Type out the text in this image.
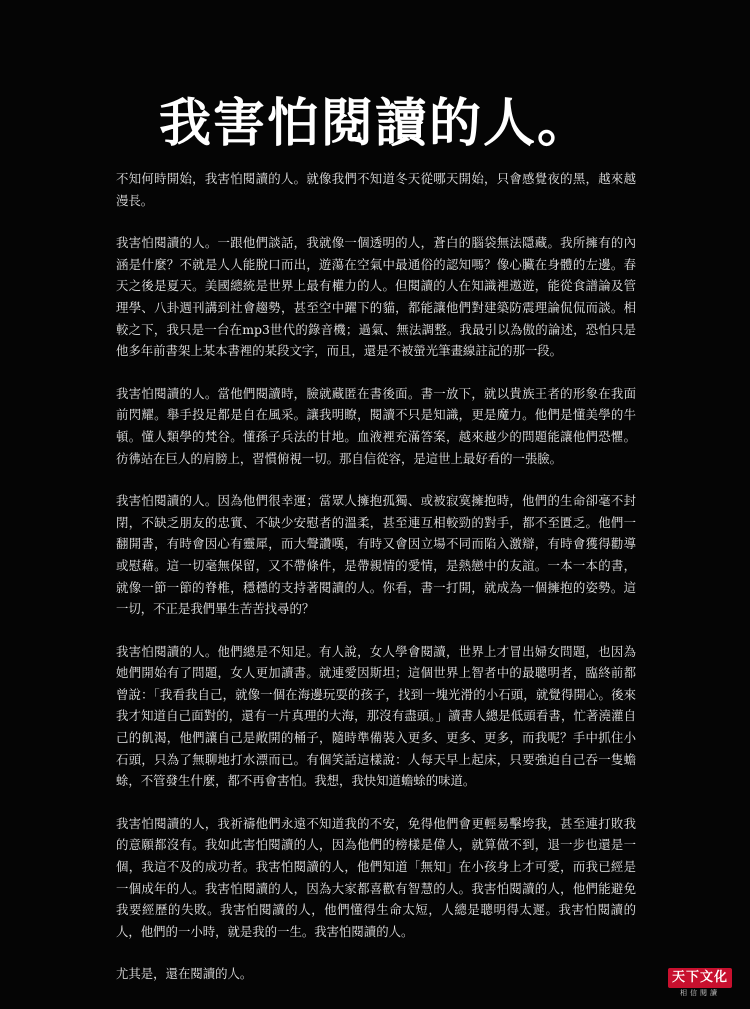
我害怕閱讀的人。

不知何時開始，我害怕閱讀的人。就像我們不知道冬天從哪天開始，只會感覺夜的黑，越來越漫長。

我害怕閱讀的人。一跟他們談話，我就像一個透明的人，蒼白的腦袋無法隱藏。我所擁有的內涵是什麼？不就是人人能脫口而出，遊蕩在空氣中最通俗的認知嗎？像心臟在身體的左邊。春天之後是夏天。美國總統是世界上最有權力的人。但閱讀的人在知識裡遨遊，能從食譜論及管理學、八卦週刊講到社會趨勢，甚至空中躍下的貓，都能讓他們對建築防震理論侃侃而談。相較之下，我只是一台在mp3世代的錄音機；過氣、無法調整。我最引以為傲的論述，恐怕只是他多年前書架上某本書裡的某段文字，而且，還是不被螢光筆畫線註記的那一段。

我害怕閱讀的人。當他們閱讀時，臉就藏匿在書後面。書一放下，就以貴族王者的形象在我面前閃耀。舉手投足都是自在風采。讓我明瞭，閱讀不只是知識，更是魔力。他們是懂美學的牛頓。懂人類學的梵谷。懂孫子兵法的甘地。血液裡充滿答案，越來越少的問題能讓他們恐懼。彷彿站在巨人的肩膀上，習慣俯視一切。那自信從容，是這世上最好看的一張臉。

我害怕閱讀的人。因為他們很幸運；當眾人擁抱孤獨、或被寂寞擁抱時，他們的生命卻毫不封閉，不缺乏朋友的忠實、不缺少安慰者的溫柔，甚至連互相較勁的對手，都不至匱乏。他們一翻開書，有時會因心有靈犀，而大聲讚嘆，有時又會因立場不同而陷入激辯，有時會獲得勸導或慰藉。這一切毫無保留，又不帶條件，是帶親情的愛情，是熱戀中的友誼。一本一本的書，就像一節一節的脊椎，穩穩的支持著閱讀的人。你看，書一打開，就成為一個擁抱的姿勢。這一切，不正是我們畢生苦苦找尋的？

我害怕閱讀的人。他們總是不知足。有人說，女人學會閱讀，世界上才冒出婦女問題，也因為她們開始有了問題，女人更加讀書。就連愛因斯坦；這個世界上智者中的最聰明者，臨終前都曾說：「我看我自己，就像一個在海邊玩耍的孩子，找到一塊光滑的小石頭，就覺得開心。後來我才知道自己面對的，還有一片真理的大海，那沒有盡頭。」讀書人總是低頭看書，忙著澆灌自己的飢渴，他們讓自己是敞開的桶子，隨時準備裝入更多、更多、更多，而我呢？手中抓住小石頭，只為了無聊地打水漂而已。有個笑話這樣說：人每天早上起床，只要強迫自己吞一隻蟾蜍，不管發生什麼，都不再會害怕。我想，我快知道蟾蜍的味道。

我害怕閱讀的人，我祈禱他們永遠不知道我的不安，免得他們會更輕易擊垮我，甚至連打敗我的意願都沒有。我如此害怕閱讀的人，因為他們的榜樣是偉人，就算做不到，退一步也還是一個，我這不及的成功者。我害怕閱讀的人，他們知道「無知」在小孩身上才可愛，而我已經是一個成年的人。我害怕閱讀的人，因為大家都喜歡有智慧的人。我害怕閱讀的人，他們能避免我要經歷的失敗。我害怕閱讀的人，他們懂得生命太短，人總是聰明得太遲。我害怕閱讀的人，他們的一小時，就是我的一生。我害怕閱讀的人。

尤其是，還在閱讀的人。	天下文化
相信閱讀
